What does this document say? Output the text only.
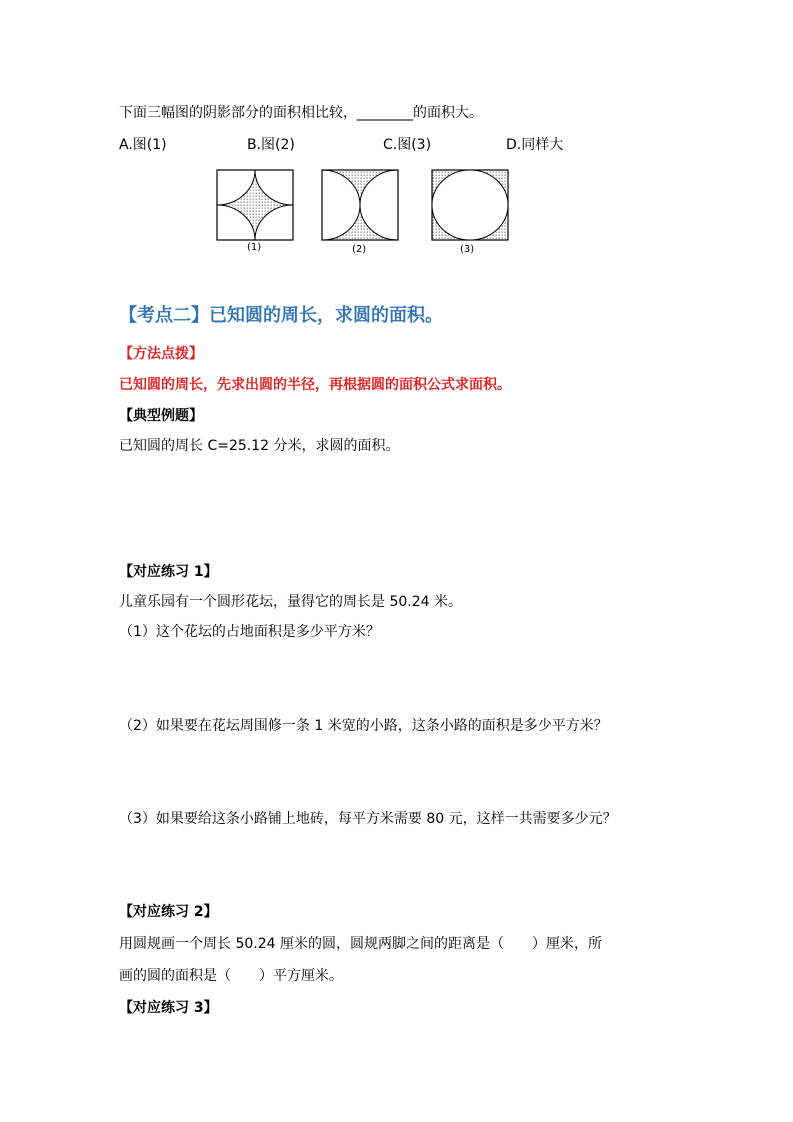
下面三幅图的阴影部分的面积相比较，________的面积大。
A.图(1)	B.图(2)	C.图(3)	D.同样大
(1)	(2)	(3)
【考点二】已知圆的周长，求圆的面积。
【方法点拨】
已知圆的周长，先求出圆的半径，再根据圆的面积公式求面积。
【典型例题】
已知圆的周长 C=25.12 分米，求圆的面积。
【对应练习 1】
儿童乐园有一个圆形花坛，量得它的周长是 50.24 米。
（1）这个花坛的占地面积是多少平方米？
（2）如果要在花坛周围修一条 1 米宽的小路，这条小路的面积是多少平方米？
（3）如果要给这条小路铺上地砖，每平方米需要 80 元，这样一共需要多少元？
【对应练习 2】
用圆规画一个周长 50.24 厘米的圆，圆规两脚之间的距离是（　　）厘米，所
画的圆的面积是（　　）平方厘米。
【对应练习 3】
